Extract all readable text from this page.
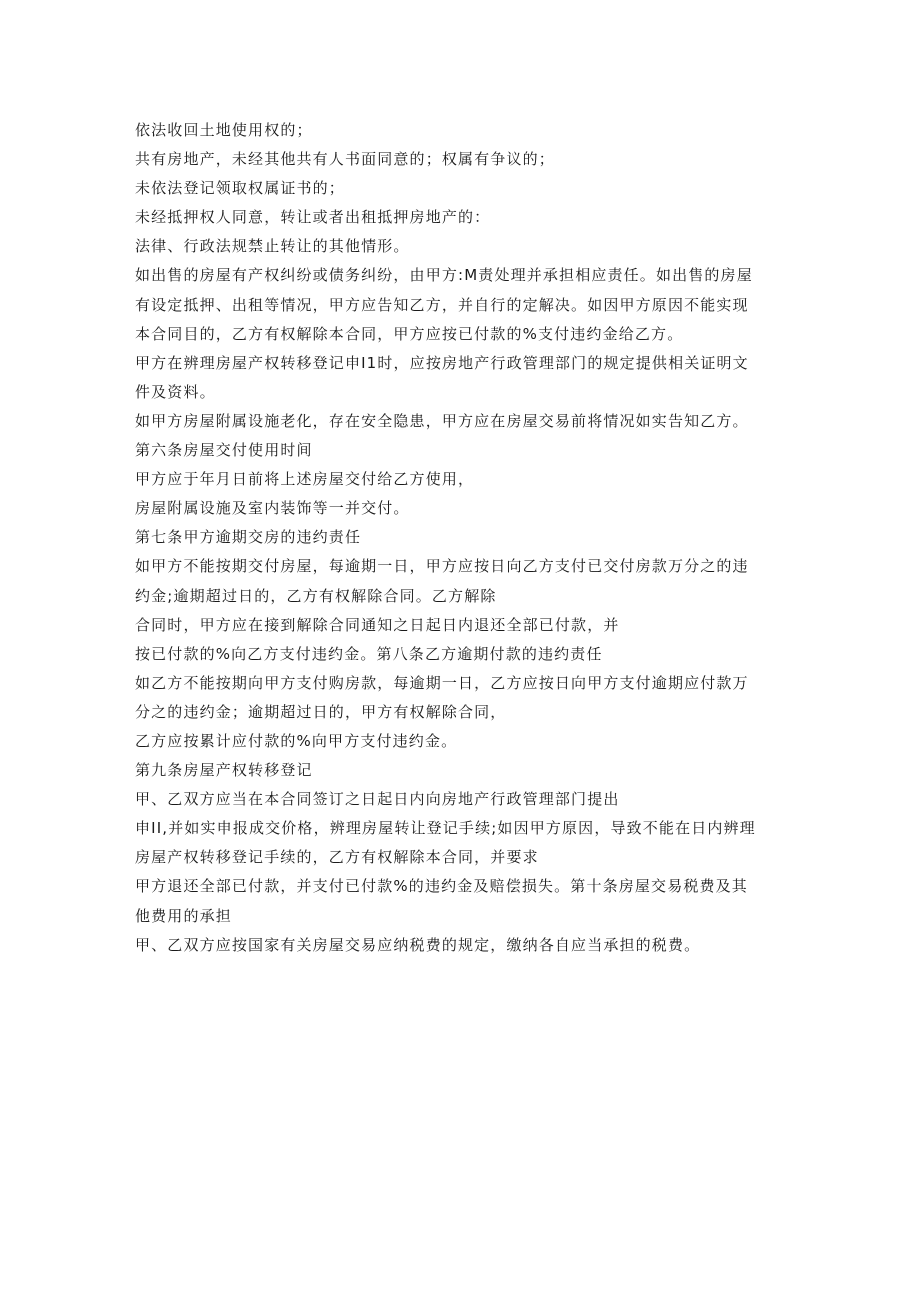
依法收回土地使用权的；
共有房地产，未经其他共有人书面同意的；权属有争议的；
未依法登记领取权属证书的；
未经抵押权人同意，转让或者出租抵押房地产的：
法律、行政法规禁止转让的其他情形。
如出售的房屋有产权纠纷或债务纠纷，由甲方:M责处理并承担相应责任。如出售的房屋
有设定抵押、出租等情况，甲方应告知乙方，并自行的定解决。如因甲方原因不能实现
本合同目的，乙方有权解除本合同，甲方应按已付款的%支付违约金给乙方。
甲方在辨理房屋产权转移登记申I1时，应按房地产行政管理部门的规定提供相关证明文
件及资料。
如甲方房屋附属设施老化，存在安全隐患，甲方应在房屋交易前将情况如实告知乙方。
第六条房屋交付使用时间
甲方应于年月日前将上述房屋交付给乙方使用，
房屋附属设施及室内装饰等一并交付。
第七条甲方逾期交房的违约责任
如甲方不能按期交付房屋，每逾期一日，甲方应按日向乙方支付已交付房款万分之的违
约金;逾期超过日的，乙方有权解除合同。乙方解除
合同时，甲方应在接到解除合同通知之日起日内退还全部已付款，并
按已付款的%向乙方支付违约金。第八条乙方逾期付款的违约责任
如乙方不能按期向甲方支付购房款，每逾期一日，乙方应按日向甲方支付逾期应付款万
分之的违约金；逾期超过日的，甲方有权解除合同，
乙方应按累计应付款的%向甲方支付违约金。
第九条房屋产权转移登记
甲、乙双方应当在本合同签订之日起日内向房地产行政管理部门提出
申II,并如实申报成交价格，辨理房屋转让登记手续;如因甲方原因，导致不能在日内辨理
房屋产权转移登记手续的，乙方有权解除本合同，并要求
甲方退还全部已付款，并支付已付款%的违约金及赔偿损失。第十条房屋交易税费及其
他费用的承担
甲、乙双方应按国家有关房屋交易应纳税费的规定，缴纳各自应当承担的税费。
